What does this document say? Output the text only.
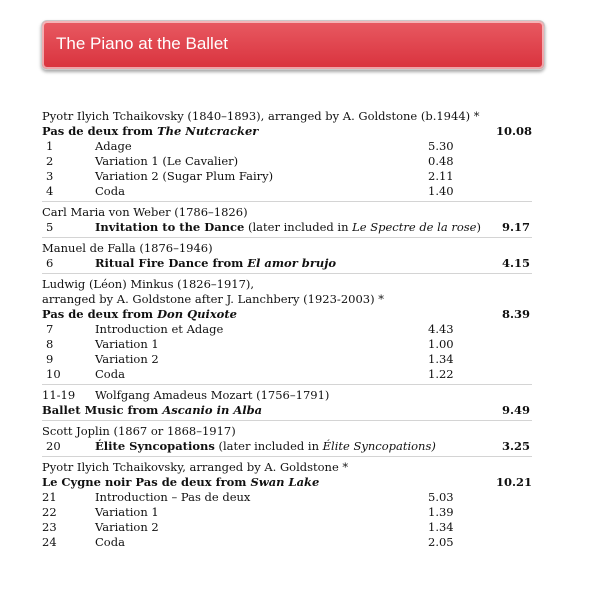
The Piano at the Ballet
Pyotr Ilyich Tchaikovsky (1840–1893), arranged by A. Goldstone (b.1944) *
Pas de deux from The Nutcracker	10.08
1	Adage	5.30
2	Variation 1 (Le Cavalier)	0.48
3	Variation 2 (Sugar Plum Fairy)	2.11
4	Coda	1.40
Carl Maria von Weber (1786–1826)
5	Invitation to the Dance (later included in Le Spectre de la rose)	9.17
Manuel de Falla (1876–1946)
6	Ritual Fire Dance from El amor brujo	4.15
Ludwig (Léon) Minkus (1826–1917),
arranged by A. Goldstone after J. Lanchbery (1923-2003) *
Pas de deux from Don Quixote	8.39
7	Introduction et Adage	4.43
8	Variation 1	1.00
9	Variation 2	1.34
10	Coda	1.22
11-19 Wolfgang Amadeus Mozart (1756–1791)
Ballet Music from Ascanio in Alba	9.49
Scott Joplin (1867 or 1868–1917)
20	Élite Syncopations (later included in Élite Syncopations)	3.25
Pyotr Ilyich Tchaikovsky, arranged by A. Goldstone *
Le Cygne noir Pas de deux from Swan Lake	10.21
21	Introduction – Pas de deux	5.03
22	Variation 1	1.39
23	Variation 2	1.34
24	Coda	2.05
